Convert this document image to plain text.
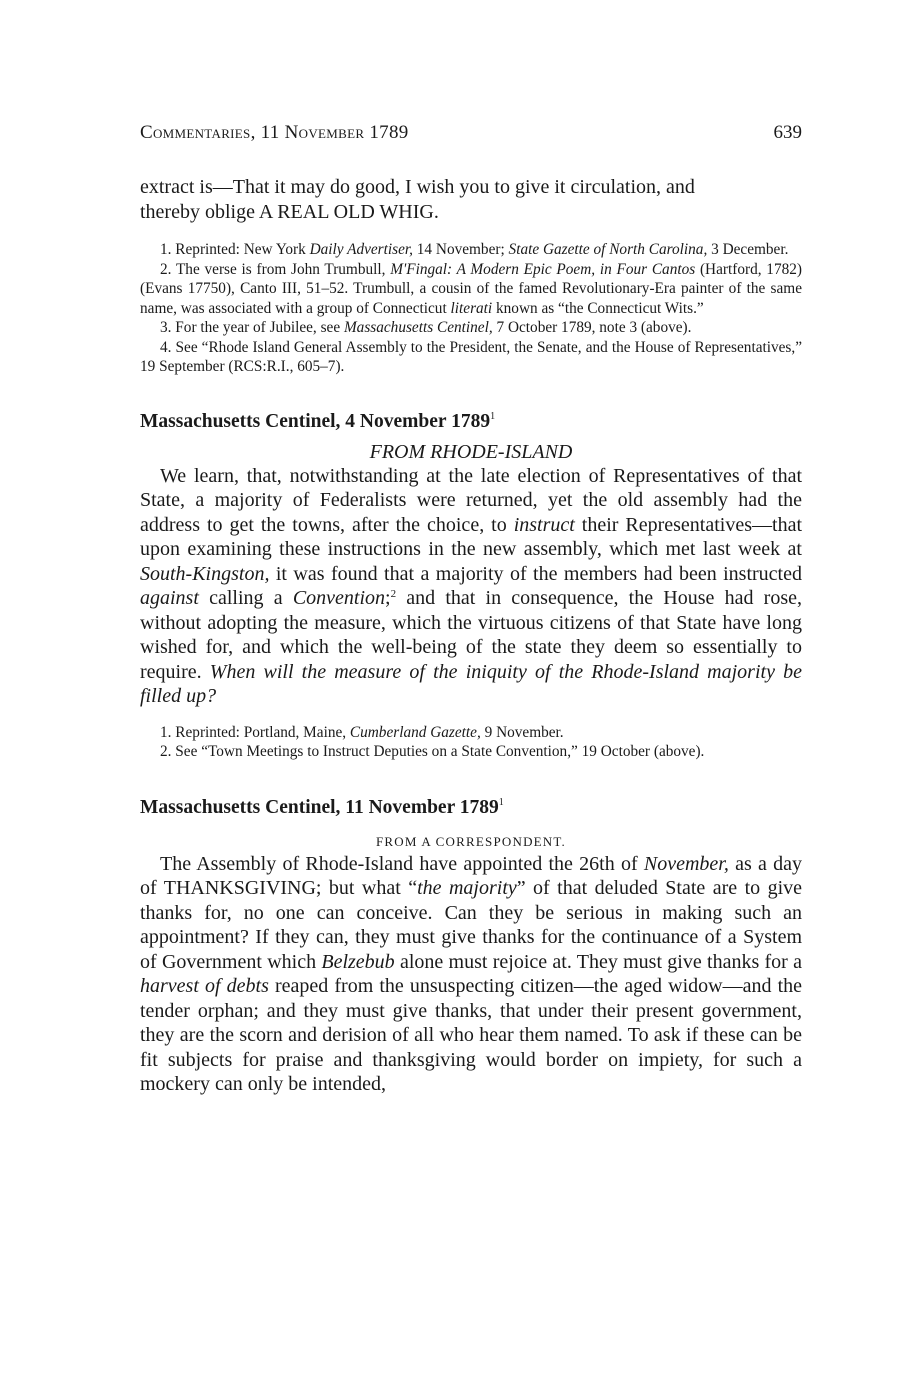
Commentaries, 11 November 1789	639

extract is—That it may do good, I wish you to give it circulation, and
thereby oblige A REAL OLD WHIG.

1. Reprinted: New York Daily Advertiser, 14 November; State Gazette of North Carolina, 3 December.

2. The verse is from John Trumbull, M'Fingal: A Modern Epic Poem, in Four Cantos (Hartford, 1782) (Evans 17750), Canto III, 51–52. Trumbull, a cousin of the famed Revolutionary-Era painter of the same name, was associated with a group of Connecticut literati known as “the Connecticut Wits.”

3. For the year of Jubilee, see Massachusetts Centinel, 7 October 1789, note 3 (above).

4. See “Rhode Island General Assembly to the President, the Senate, and the House of Representatives,” 19 September (RCS:R.I., 605–7).

Massachusetts Centinel, 4 November 1789$^1$

FROM RHODE-ISLAND

We learn, that, notwithstanding at the late election of Representatives of that State, a majority of Federalists were returned, yet the old assembly had the address to get the towns, after the choice, to instruct their Representatives—that upon examining these instructions in the new assembly, which met last week at South-Kingston, it was found that a majority of the members had been instructed against calling a Convention;$^2$ and that in consequence, the House had rose, without adopting the measure, which the virtuous citizens of that State have long wished for, and which the well-being of the state they deem so essentially to require. When will the measure of the iniquity of the Rhode-Island majority be filled up?

1. Reprinted: Portland, Maine, Cumberland Gazette, 9 November.

2. See “Town Meetings to Instruct Deputies on a State Convention,” 19 October (above).

Massachusetts Centinel, 11 November 1789$^1$

FROM A CORRESPONDENT.

The Assembly of Rhode-Island have appointed the 26th of November, as a day of THANKSGIVING; but what “the majority” of that deluded State are to give thanks for, no one can conceive. Can they be serious in making such an appointment? If they can, they must give thanks for the continuance of a System of Government which Belzebub alone must rejoice at. They must give thanks for a harvest of debts reaped from the unsuspecting citizen—the aged widow—and the tender orphan; and they must give thanks, that under their present government, they are the scorn and derision of all who hear them named. To ask if these can be fit subjects for praise and thanksgiving would border on impiety, for such a mockery can only be intended,
